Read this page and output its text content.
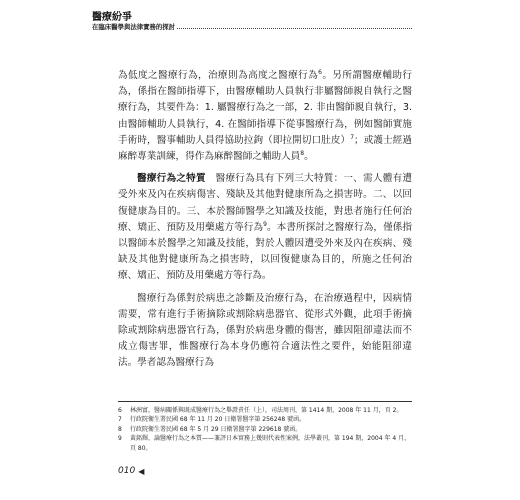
醫療紛爭
在臨床醫學與法律實務的探討

為低度之醫療行為，治療則為高度之醫療行為$^6$。另所謂醫療輔助行為，係指在醫師指導下，由醫療輔助人員執行非屬醫師親自執行之醫療行為，其要件為：1. 屬醫療行為之一部，2. 非由醫師親自執行，3. 由醫師輔助人員執行，4. 在醫師指導下從事醫療行為，例如醫師實施手術時，醫事輔助人員得協助拉鉤（即拉開切口肚皮）$^7$；或護士經過麻醉專業訓練，得作為麻醉醫師之輔助人員$^8$。

醫療行為之特質　醫療行為具有下列三大特質：一、需人體有遭受外來及內在疾病傷害、殘缺及其他對健康所為之損害時。二、以回復健康為目的。三、本於醫師醫學之知識及技能，對患者施行任何治療、矯正、預防及用藥處方等行為$^9$。本書所探討之醫療行為，僅係指以醫師本於醫學之知識及技能，對於人體因遭受外來及內在疾病、殘缺及其他對健康所為之損害時，以回復健康為目的，所施之任何治療、矯正、預防及用藥處方等行為。

醫療行為係對於病患之診斷及治療行為，在治療過程中，因病情需要，常有進行手術摘除或割除病患器官、從形式外觀，此項手術摘除或割除病患器官行為，係對於病患身體的傷害，雖因阻卻違法而不成立傷害罪，惟醫療行為本身仍應符合適法性之要件，始能阻卻違法。學者認為醫療行為

6	林洲富，醫病關係與既成醫療行為之舉證責任（上），司法周刊，第 1414 期，2008 年 11 月，頁 2。
7	行政院衛生署民國 68 年 11 月 20 日衛署醫字第 256248 號函。
8	行政院衛生署民國 68 年 5 月 29 日衛署醫字第 229618 號函。
9	黃銘輝，論醫療行為之本質——兼評日本實務上幾則代表性案例，法學叢刊，第 194 期，2004 年 4 月，頁 80。
010 ◀
